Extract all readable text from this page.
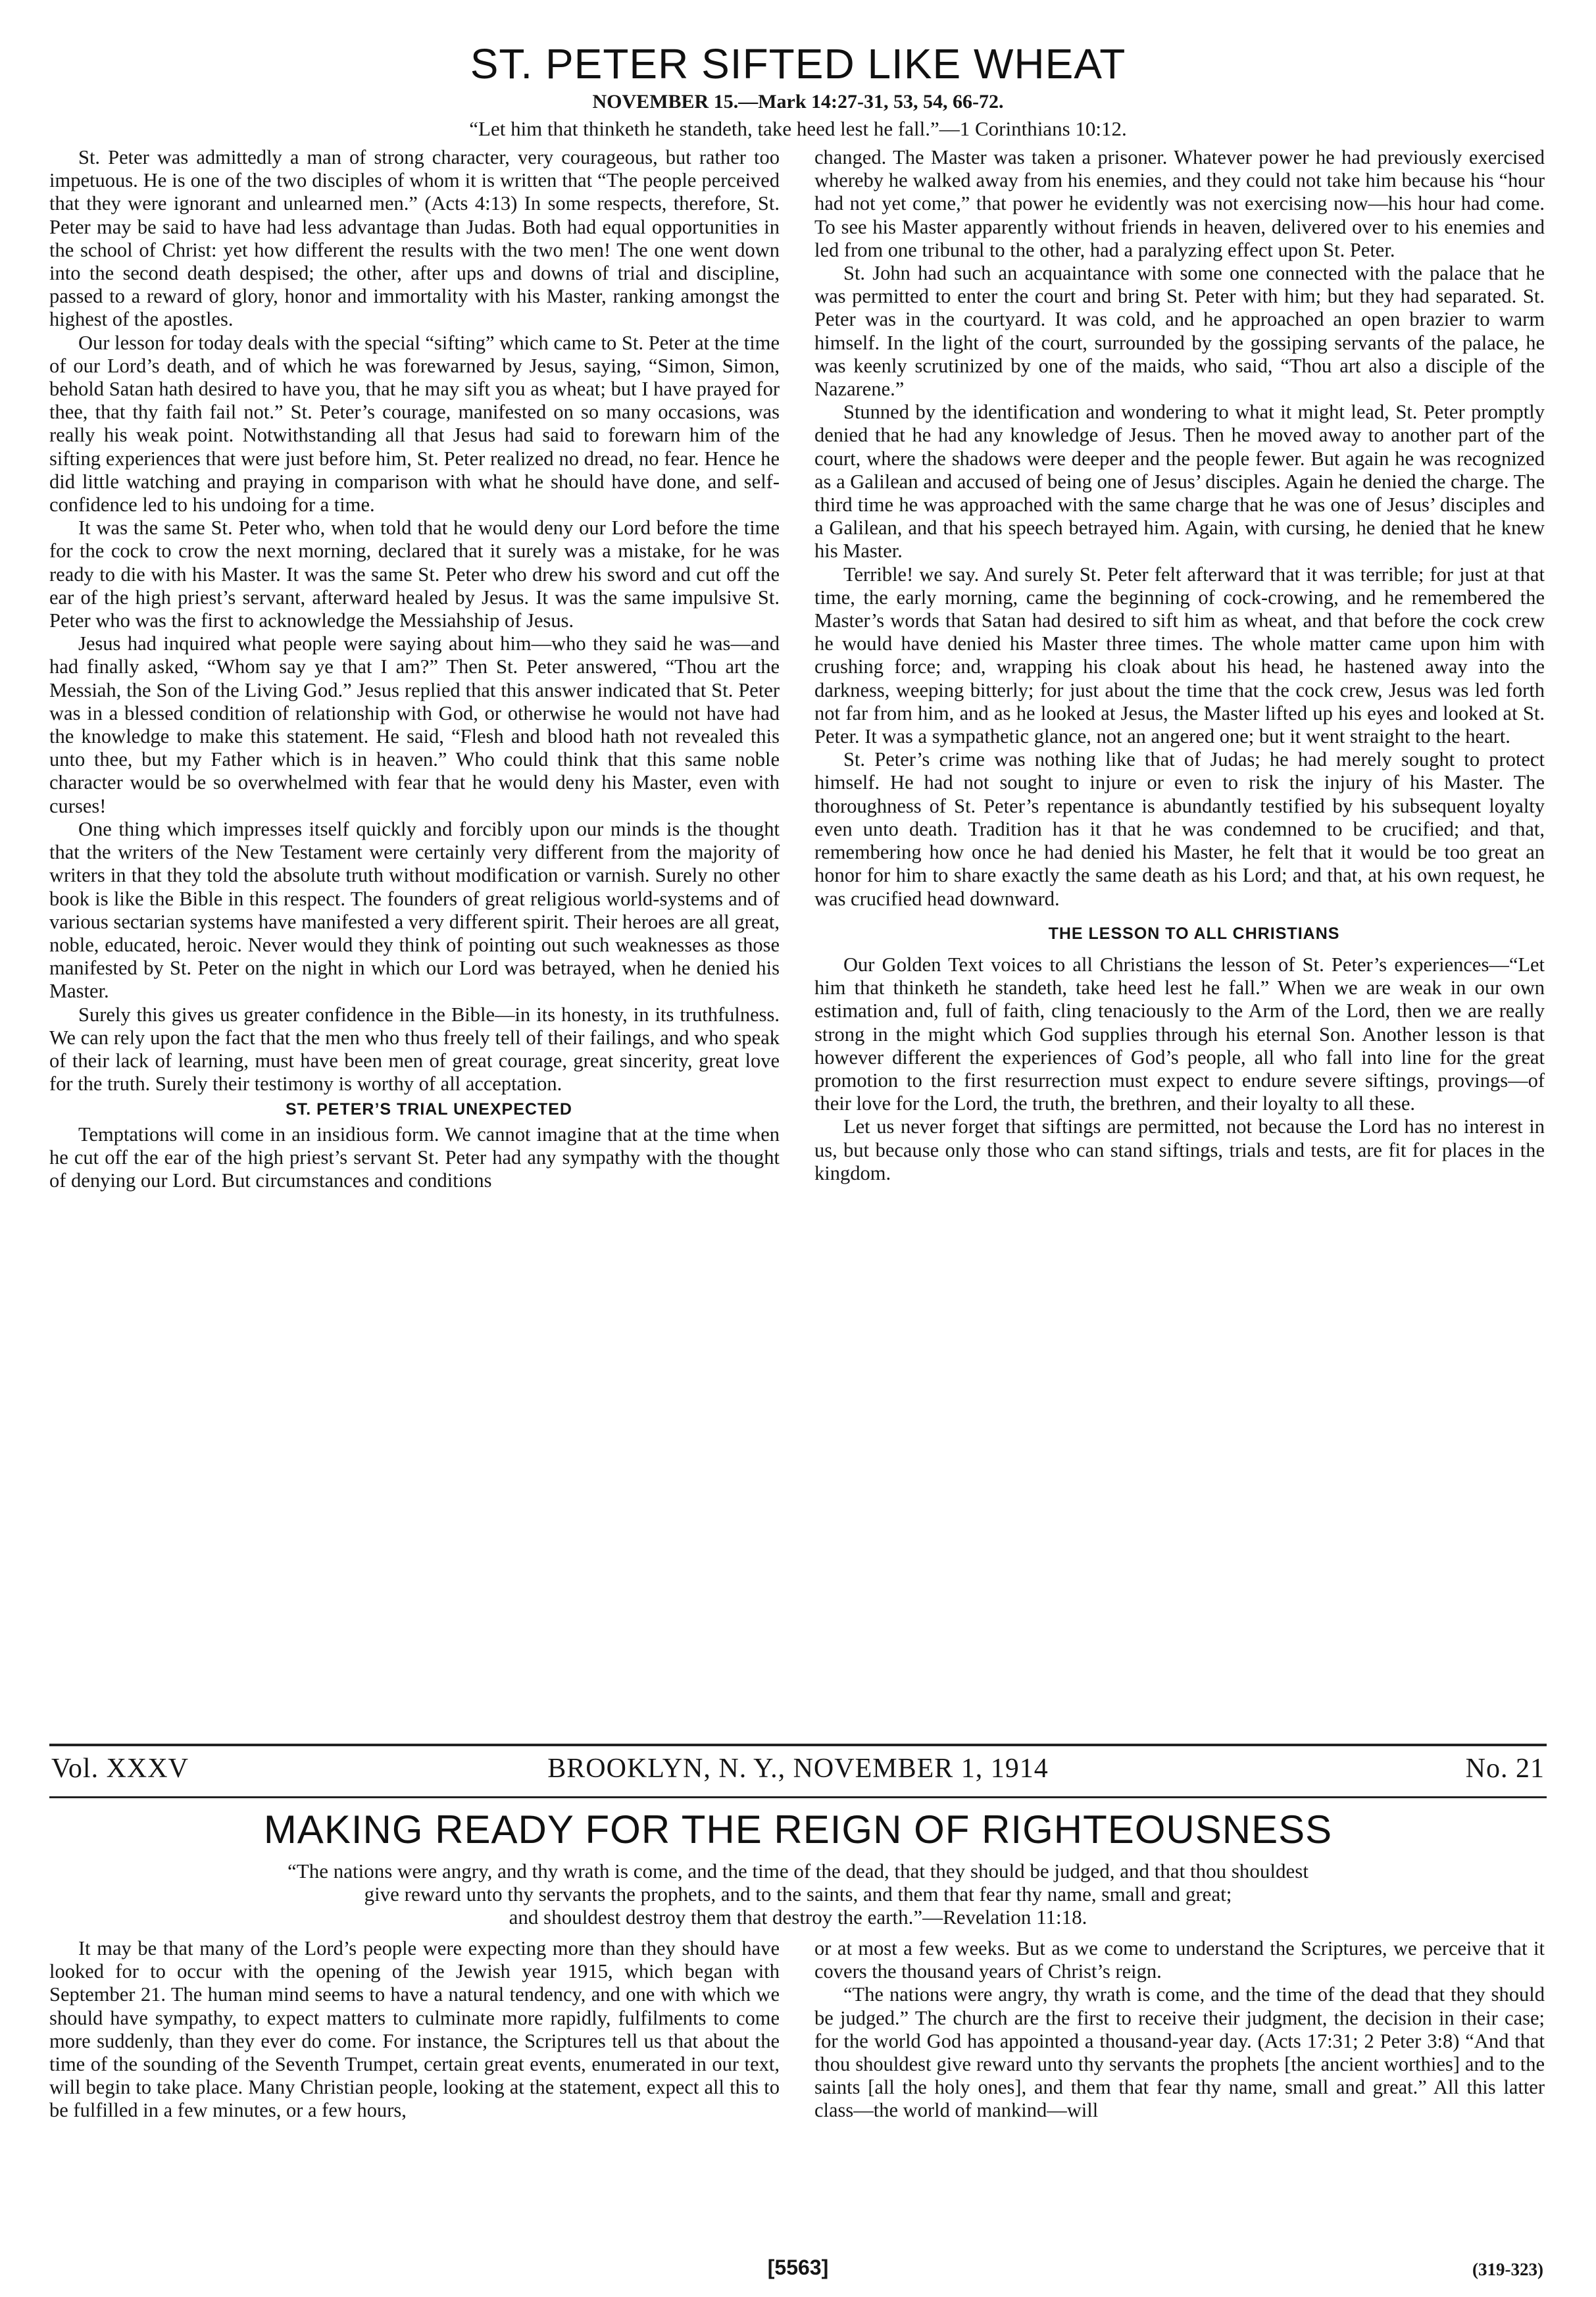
ST. PETER SIFTED LIKE WHEAT
NOVEMBER 15.—Mark 14:27-31, 53, 54, 66-72.
“Let him that thinketh he standeth, take heed lest he fall.”—1 Corinthians 10:12.

St. Peter was admittedly a man of strong character, very courageous, but rather too impetuous. He is one of the two disciples of whom it is written that “The people perceived that they were ignorant and unlearned men.” (Acts 4:13) In some respects, therefore, St. Peter may be said to have had less advantage than Judas. Both had equal opportunities in the school of Christ: yet how different the results with the two men! The one went down into the second death despised; the other, after ups and downs of trial and discipline, passed to a reward of glory, honor and immortality with his Master, ranking amongst the highest of the apostles.

Our lesson for today deals with the special “sifting” which came to St. Peter at the time of our Lord’s death, and of which he was forewarned by Jesus, saying, “Simon, Simon, behold Satan hath desired to have you, that he may sift you as wheat; but I have prayed for thee, that thy faith fail not.” St. Peter’s courage, manifested on so many occasions, was really his weak point. Notwithstanding all that Jesus had said to forewarn him of the sifting experiences that were just before him, St. Peter realized no dread, no fear. Hence he did little watching and praying in comparison with what he should have done, and self-confidence led to his undoing for a time.

It was the same St. Peter who, when told that he would deny our Lord before the time for the cock to crow the next morning, declared that it surely was a mistake, for he was ready to die with his Master. It was the same St. Peter who drew his sword and cut off the ear of the high priest’s servant, afterward healed by Jesus. It was the same impulsive St. Peter who was the first to acknowledge the Messiahship of Jesus.

Jesus had inquired what people were saying about him—who they said he was—and had finally asked, “Whom say ye that I am?” Then St. Peter answered, “Thou art the Messiah, the Son of the Living God.” Jesus replied that this answer indicated that St. Peter was in a blessed condition of relationship with God, or otherwise he would not have had the knowledge to make this statement. He said, “Flesh and blood hath not revealed this unto thee, but my Father which is in heaven.” Who could think that this same noble character would be so overwhelmed with fear that he would deny his Master, even with curses!

One thing which impresses itself quickly and forcibly upon our minds is the thought that the writers of the New Testament were certainly very different from the majority of writers in that they told the absolute truth without modification or varnish. Surely no other book is like the Bible in this respect. The founders of great religious world-systems and of various sectarian systems have manifested a very different spirit. Their heroes are all great, noble, educated, heroic. Never would they think of pointing out such weaknesses as those manifested by St. Peter on the night in which our Lord was betrayed, when he denied his Master.

Surely this gives us greater confidence in the Bible—in its honesty, in its truthfulness. We can rely upon the fact that the men who thus freely tell of their failings, and who speak of their lack of learning, must have been men of great courage, great sincerity, great love for the truth. Surely their testimony is worthy of all acceptation.

ST. PETER’S TRIAL UNEXPECTED

Temptations will come in an insidious form. We cannot imagine that at the time when he cut off the ear of the high priest’s servant St. Peter had any sympathy with the thought of denying our Lord. But circumstances and conditions

changed. The Master was taken a prisoner. Whatever power he had previously exercised whereby he walked away from his enemies, and they could not take him because his “hour had not yet come,” that power he evidently was not exercising now—his hour had come. To see his Master apparently without friends in heaven, delivered over to his enemies and led from one tribunal to the other, had a paralyzing effect upon St. Peter.

St. John had such an acquaintance with some one connected with the palace that he was permitted to enter the court and bring St. Peter with him; but they had separated. St. Peter was in the courtyard. It was cold, and he approached an open brazier to warm himself. In the light of the court, surrounded by the gossiping servants of the palace, he was keenly scrutinized by one of the maids, who said, “Thou art also a disciple of the Nazarene.”

Stunned by the identification and wondering to what it might lead, St. Peter promptly denied that he had any knowledge of Jesus. Then he moved away to another part of the court, where the shadows were deeper and the people fewer. But again he was recognized as a Galilean and accused of being one of Jesus’ disciples. Again he denied the charge. The third time he was approached with the same charge that he was one of Jesus’ disciples and a Galilean, and that his speech betrayed him. Again, with cursing, he denied that he knew his Master.

Terrible! we say. And surely St. Peter felt afterward that it was terrible; for just at that time, the early morning, came the beginning of cock-crowing, and he remembered the Master’s words that Satan had desired to sift him as wheat, and that before the cock crew he would have denied his Master three times. The whole matter came upon him with crushing force; and, wrapping his cloak about his head, he hastened away into the darkness, weeping bitterly; for just about the time that the cock crew, Jesus was led forth not far from him, and as he looked at Jesus, the Master lifted up his eyes and looked at St. Peter. It was a sympathetic glance, not an angered one; but it went straight to the heart.

St. Peter’s crime was nothing like that of Judas; he had merely sought to protect himself. He had not sought to injure or even to risk the injury of his Master. The thoroughness of St. Peter’s repentance is abundantly testified by his subsequent loyalty even unto death. Tradition has it that he was condemned to be crucified; and that, remembering how once he had denied his Master, he felt that it would be too great an honor for him to share exactly the same death as his Lord; and that, at his own request, he was crucified head downward.

THE LESSON TO ALL CHRISTIANS

Our Golden Text voices to all Christians the lesson of St. Peter’s experiences—“Let him that thinketh he standeth, take heed lest he fall.” When we are weak in our own estimation and, full of faith, cling tenaciously to the Arm of the Lord, then we are really strong in the might which God supplies through his eternal Son. Another lesson is that however different the experiences of God’s people, all who fall into line for the great promotion to the first resurrection must expect to endure severe siftings, provings—of their love for the Lord, the truth, the brethren, and their loyalty to all these.

Let us never forget that siftings are permitted, not because the Lord has no interest in us, but because only those who can stand siftings, trials and tests, are fit for places in the kingdom.

Vol. XXXV	BROOKLYN, N. Y., NOVEMBER 1, 1914	No. 21
MAKING READY FOR THE REIGN OF RIGHTEOUSNESS
“The nations were angry, and thy wrath is come, and the time of the dead, that they should be judged, and that thou shouldest
give reward unto thy servants the prophets, and to the saints, and them that fear thy name, small and great;
and shouldest destroy them that destroy the earth.”—Revelation 11:18.

It may be that many of the Lord’s people were expecting more than they should have looked for to occur with the opening of the Jewish year 1915, which began with September 21. The human mind seems to have a natural tendency, and one with which we should have sympathy, to expect matters to culminate more rapidly, fulfilments to come more suddenly, than they ever do come. For instance, the Scriptures tell us that about the time of the sounding of the Seventh Trumpet, certain great events, enumerated in our text, will begin to take place. Many Christian people, looking at the statement, expect all this to be fulfilled in a few minutes, or a few hours,

or at most a few weeks. But as we come to understand the Scriptures, we perceive that it covers the thousand years of Christ’s reign.

“The nations were angry, thy wrath is come, and the time of the dead that they should be judged.” The church are the first to receive their judgment, the decision in their case; for the world God has appointed a thousand-year day. (Acts 17:31; 2 Peter 3:8) “And that thou shouldest give reward unto thy servants the prophets [the ancient worthies] and to the saints [all the holy ones], and them that fear thy name, small and great.” All this latter class—the world of mankind—will

[5563]	(319-323)
